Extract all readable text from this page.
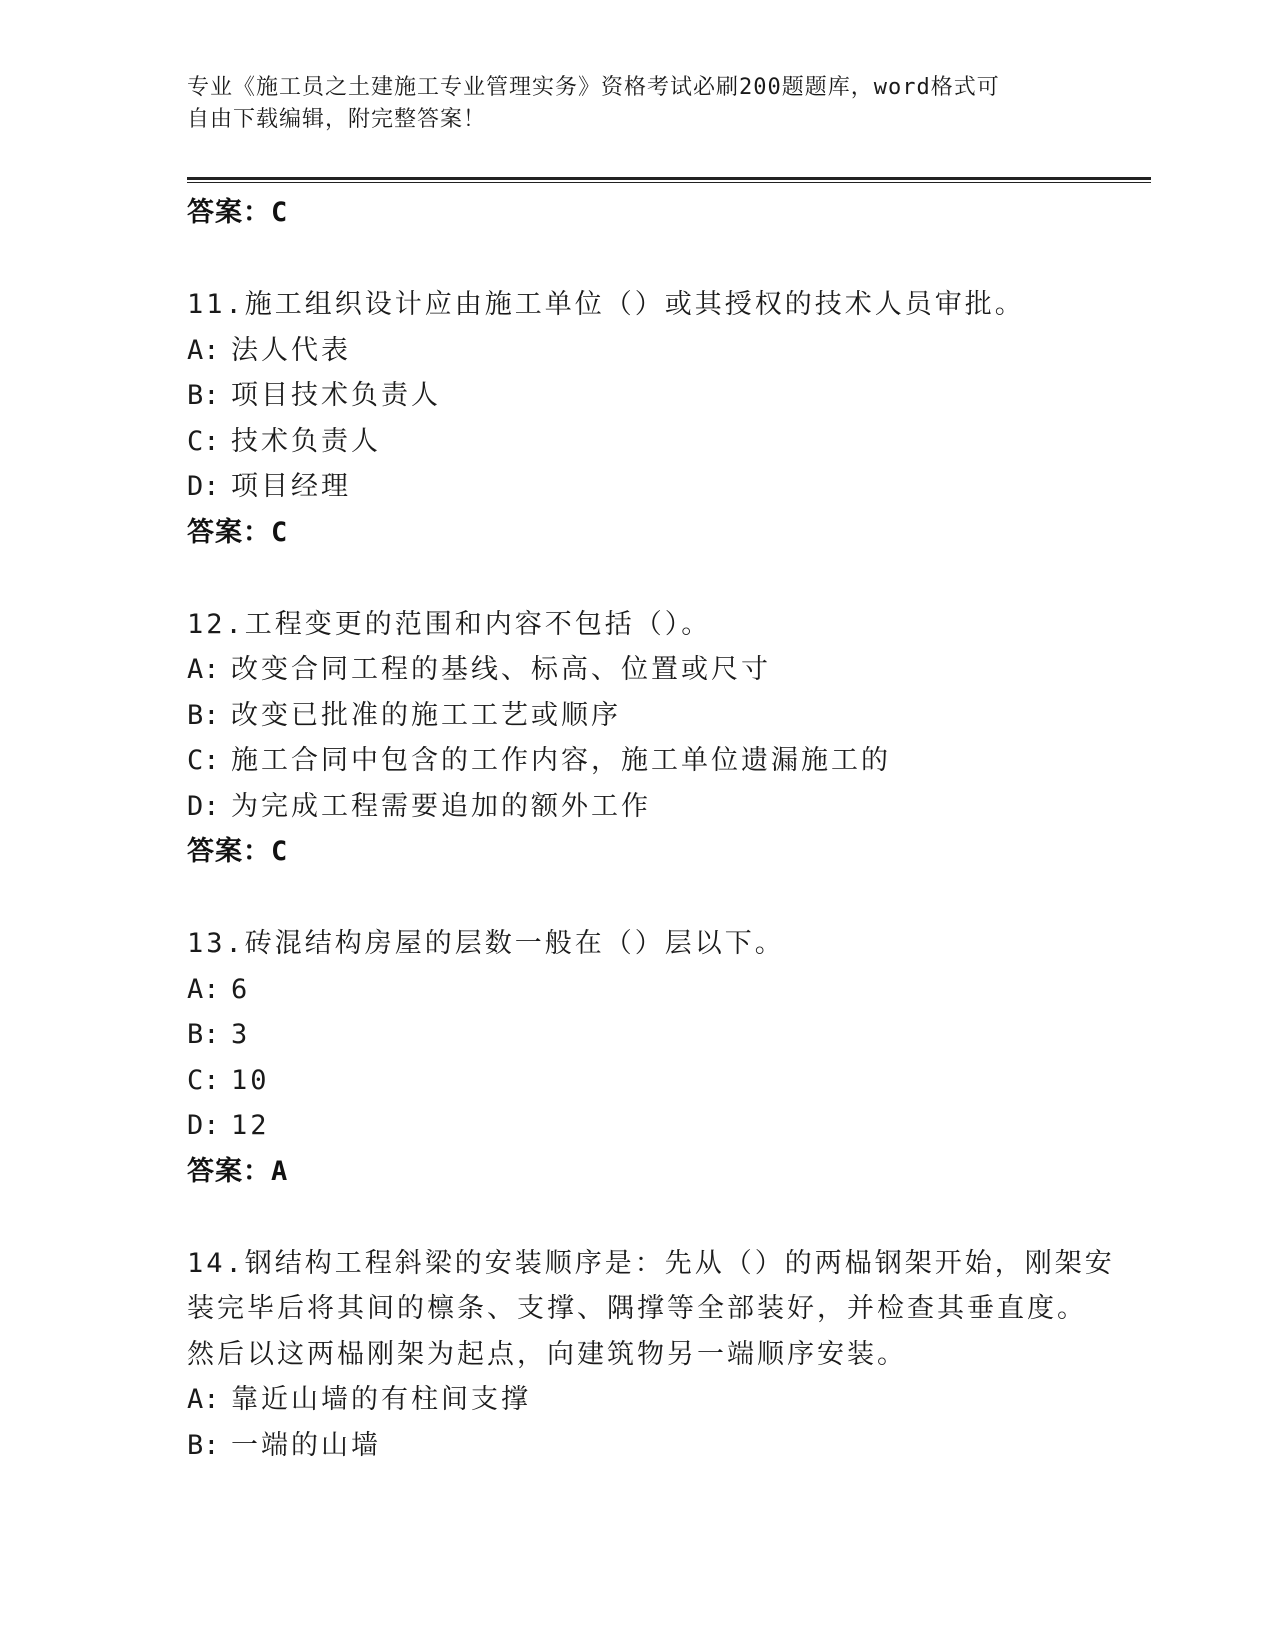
专业《施工员之土建施工专业管理实务》资格考试必刷200题题库，word格式可
自由下载编辑，附完整答案！
答案：C
11.施工组织设计应由施工单位（）或其授权的技术人员审批。
A: 法人代表
B: 项目技术负责人
C: 技术负责人
D: 项目经理
答案：C
12.工程变更的范围和内容不包括（）。
A: 改变合同工程的基线、标高、位置或尺寸
B: 改变已批准的施工工艺或顺序
C: 施工合同中包含的工作内容，施工单位遗漏施工的
D: 为完成工程需要追加的额外工作
答案：C
13.砖混结构房屋的层数一般在（）层以下。
A: 6
B: 3
C: 10
D: 12
答案：A
14.钢结构工程斜梁的安装顺序是：先从（）的两榀钢架开始，刚架安
装完毕后将其间的檩条、支撑、隅撑等全部装好，并检查其垂直度。
然后以这两榀刚架为起点，向建筑物另一端顺序安装。
A: 靠近山墙的有柱间支撑
B: 一端的山墙
